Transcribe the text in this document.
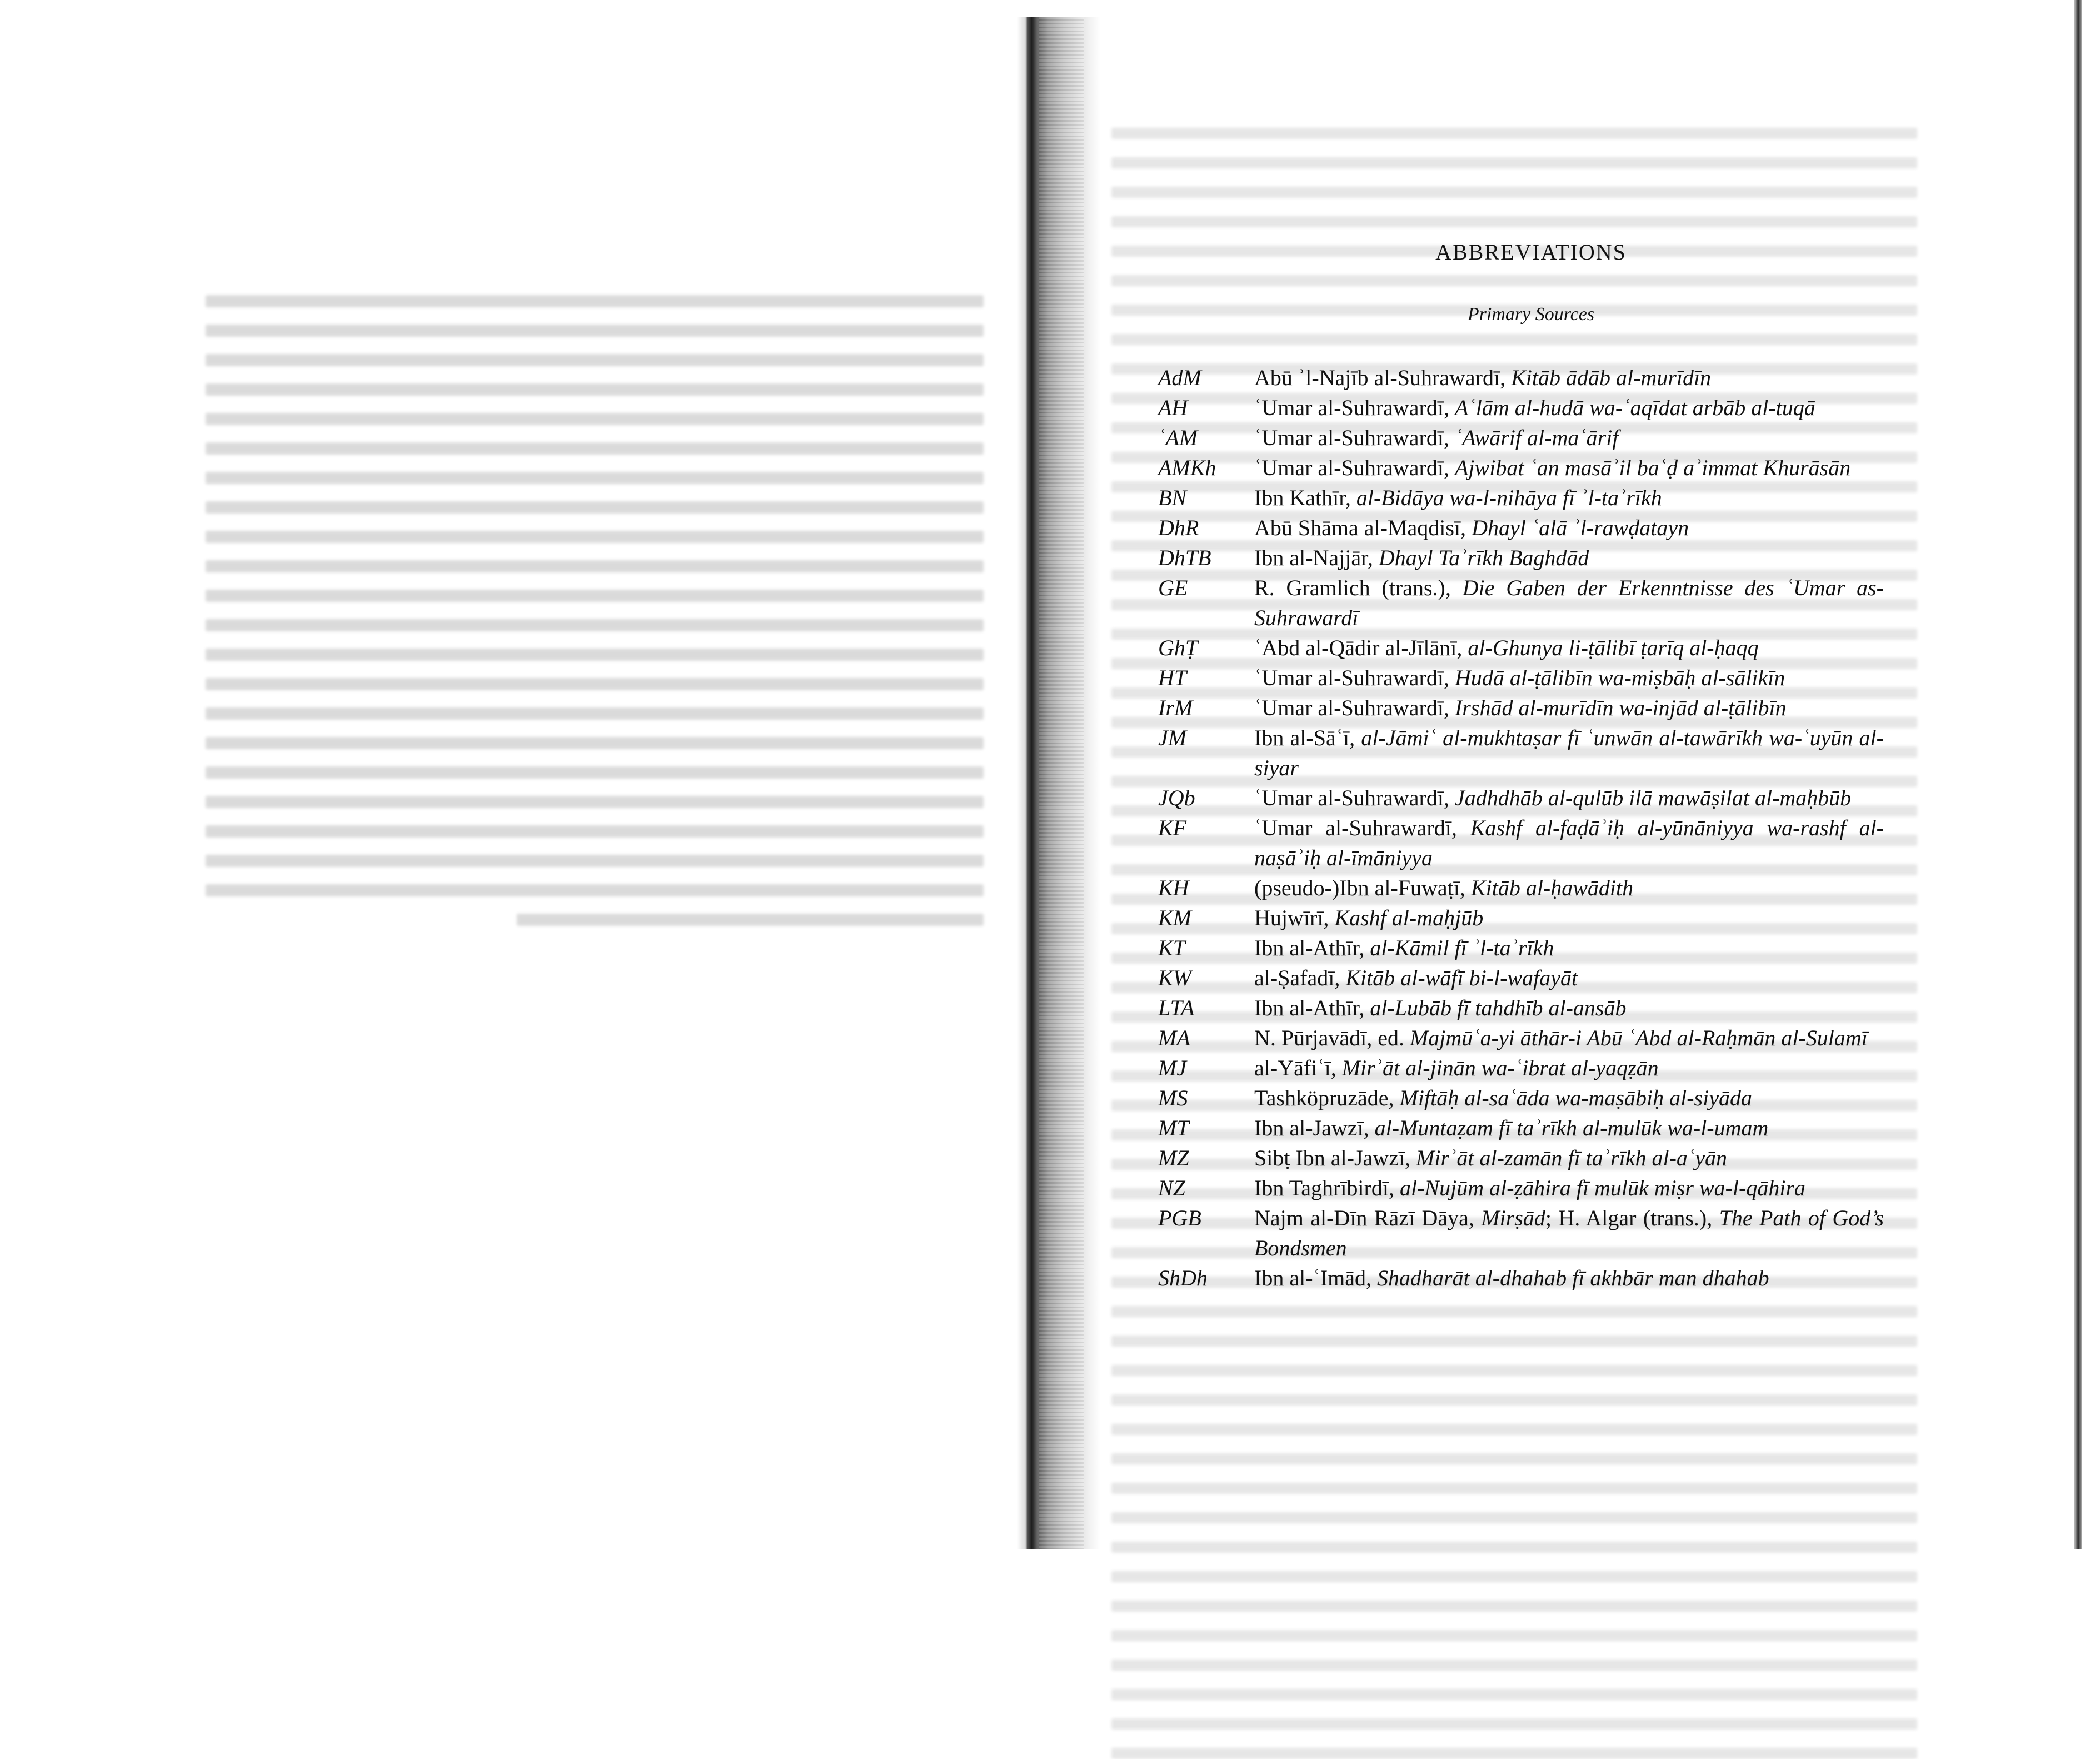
ABBREVIATIONS
Primary Sources
AdM	Abū ʾl-Najīb al-Suhrawardī, Kitāb ādāb al-murīdīn
AH	ʿUmar al-Suhrawardī, Aʿlām al-hudā wa-ʿaqīdat arbāb al-tuqā
ʿAM	ʿUmar al-Suhrawardī, ʿAwārif al-maʿārif
AMKh	ʿUmar al-Suhrawardī, Ajwibat ʿan masāʾil baʿḍ aʾimmat Khurāsān
BN	Ibn Kathīr, al-Bidāya wa-l-nihāya fī ʾl-taʾrīkh
DhR	Abū Shāma al-Maqdisī, Dhayl ʿalā ʾl-rawḍatayn
DhTB	Ibn al-Najjār, Dhayl Taʾrīkh Baghdād
GE	R. Gramlich (trans.), Die Gaben der Erkenntnisse des ʿUmar as-Suhrawardī
GhṬ	ʿAbd al-Qādir al-Jīlānī, al-Ghunya li-ṭālibī ṭarīq al-ḥaqq
HT	ʿUmar al-Suhrawardī, Hudā al-ṭālibīn wa-miṣbāḥ al-sālikīn
IrM	ʿUmar al-Suhrawardī, Irshād al-murīdīn wa-injād al-ṭālibīn
JM	Ibn al-Sāʿī, al-Jāmiʿ al-mukhtaṣar fī ʿunwān al-tawārīkh wa-ʿuyūn al-siyar
JQb	ʿUmar al-Suhrawardī, Jadhdhāb al-qulūb ilā mawāṣilat al-maḥbūb
KF	ʿUmar al-Suhrawardī, Kashf al-faḍāʾiḥ al-yūnāniyya wa-rashf al-naṣāʾiḥ al-īmāniyya
KH	(pseudo-)Ibn al-Fuwaṭī, Kitāb al-ḥawādith
KM	Hujwīrī, Kashf al-maḥjūb
KT	Ibn al-Athīr, al-Kāmil fī ʾl-taʾrīkh
KW	al-Ṣafadī, Kitāb al-wāfī bi-l-wafayāt
LTA	Ibn al-Athīr, al-Lubāb fī tahdhīb al-ansāb
MA	N. Pūrjavādī, ed. Majmūʿa-yi āthār-i Abū ʿAbd al-Raḥmān al-Sulamī
MJ	al-Yāfiʿī, Mirʾāt al-jinān wa-ʿibrat al-yaqẓān
MS	Tashköpruzāde, Miftāḥ al-saʿāda wa-maṣābiḥ al-siyāda
MT	Ibn al-Jawzī, al-Muntaẓam fī taʾrīkh al-mulūk wa-l-umam
MZ	Sibṭ Ibn al-Jawzī, Mirʾāt al-zamān fī taʾrīkh al-aʿyān
NZ	Ibn Taghrībirdī, al-Nujūm al-ẓāhira fī mulūk miṣr wa-l-qāhira
PGB	Najm al-Dīn Rāzī Dāya, Mirṣād; H. Algar (trans.), The Path of God’s Bondsmen
ShDh	Ibn al-ʿImād, Shadharāt al-dhahab fī akhbār man dhahab
